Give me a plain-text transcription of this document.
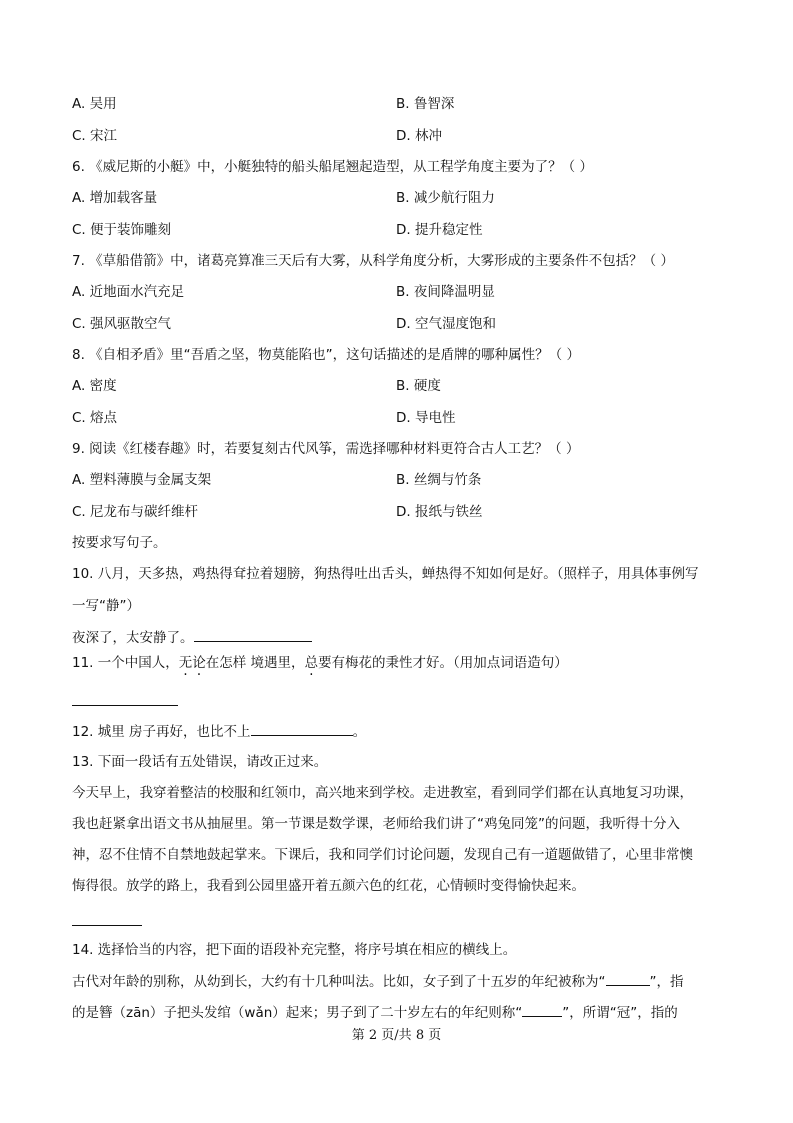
A. 吴用	B. 鲁智深
C. 宋江	D. 林冲
6. 《威尼斯的小艇》中，小艇独特的船头船尾翘起造型，从工程学角度主要为了？（ ）
A. 增加载客量	B. 减少航行阻力
C. 便于装饰雕刻	D. 提升稳定性
7. 《草船借箭》中，诸葛亮算准三天后有大雾，从科学角度分析，大雾形成的主要条件不包括？（ ）
A. 近地面水汽充足	B. 夜间降温明显
C. 强风驱散空气	D. 空气湿度饱和
8. 《自相矛盾》里“吾盾之坚，物莫能陷也”，这句话描述的是盾牌的哪种属性？（ ）
A. 密度	B. 硬度
C. 熔点	D. 导电性
9. 阅读《红楼春趣》时，若要复刻古代风筝，需选择哪种材料更符合古人工艺？（ ）
A. 塑料薄膜与金属支架	B. 丝绸与竹条
C. 尼龙布与碳纤维杆	D. 报纸与铁丝
按要求写句子。
10. 八月，天多热，鸡热得耷拉着翅膀，狗热得吐出舌头，蝉热得不知如何是好。（照样子，用具体事例写
一写“静”）
夜深了，太安静了。
11. 一个中国人，无论在怎样 境遇里，总要有梅花的秉性才好。（用加点词语造句）
12. 城里 房子再好，也比不上	。
13. 下面一段话有五处错误，请改正过来。
今天早上，我穿着整洁的校服和红领巾，高兴地来到学校。走进教室，看到同学们都在认真地复习功课，
我也赶紧拿出语文书从抽屉里。第一节课是数学课，老师给我们讲了“鸡兔同笼”的问题，我听得十分入
神，忍不住情不自禁地鼓起掌来。下课后，我和同学们讨论问题，发现自己有一道题做错了，心里非常懊
悔得很。放学的路上，我看到公园里盛开着五颜六色的红花，心情顿时变得愉快起来。
14. 选择恰当的内容，把下面的语段补充完整，将序号填在相应的横线上。
古代对年龄的别称，从幼到长，大约有十几种叫法。比如，女子到了十五岁的年纪被称为“	”，指
的是簪（zān）子把头发绾（wǎn）起来；男子到了二十岁左右的年纪则称“	”，所谓“冠”，指的
第 2 页/共 8 页
